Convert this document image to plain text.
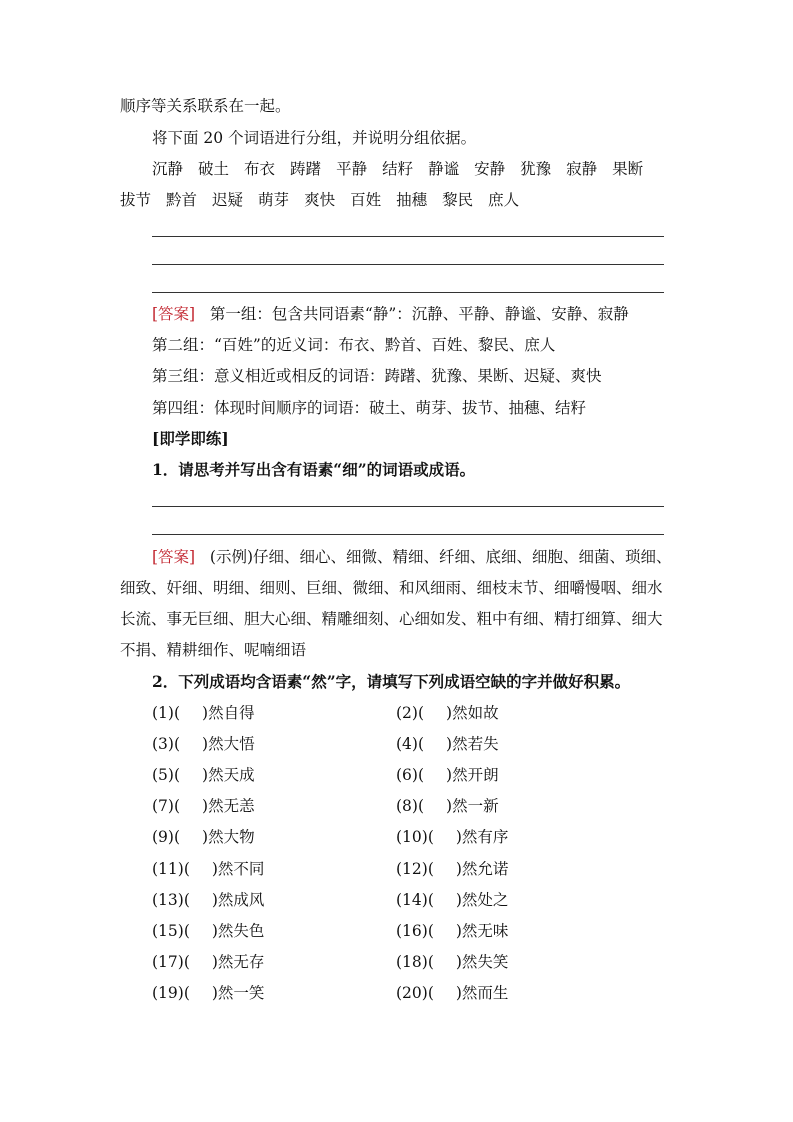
顺序等关系联系在一起。
将下面 20 个词语进行分组，并说明分组依据。
沉静 破土 布衣 踌躇 平静 结籽 静谧 安静 犹豫 寂静 果断
拔节 黔首 迟疑 萌芽 爽快 百姓 抽穗 黎民 庶人
[答案] 第一组：包含共同语素“静”：沉静、平静、静谧、安静、寂静
第二组：“百姓”的近义词：布衣、黔首、百姓、黎民、庶人
第三组：意义相近或相反的词语：踌躇、犹豫、果断、迟疑、爽快
第四组：体现时间顺序的词语：破土、萌芽、拔节、抽穗、结籽
[即学即练]
1．请思考并写出含有语素“细”的词语或成语。
[答案] (示例)仔细、细心、细微、精细、纤细、底细、细胞、细菌、琐细、
细致、奸细、明细、细则、巨细、微细、和风细雨、细枝末节、细嚼慢咽、细水
长流、事无巨细、胆大心细、精雕细刻、心细如发、粗中有细、精打细算、细大
不捐、精耕细作、呢喃细语
2．下列成语均含语素“然”字，请填写下列成语空缺的字并做好积累。
(1)( )然自得	(2)( )然如故
(3)( )然大悟	(4)( )然若失
(5)( )然天成	(6)( )然开朗
(7)( )然无恙	(8)( )然一新
(9)( )然大物	(10)( )然有序
(11)( )然不同	(12)( )然允诺
(13)( )然成风	(14)( )然处之
(15)( )然失色	(16)( )然无味
(17)( )然无存	(18)( )然失笑
(19)( )然一笑	(20)( )然而生
